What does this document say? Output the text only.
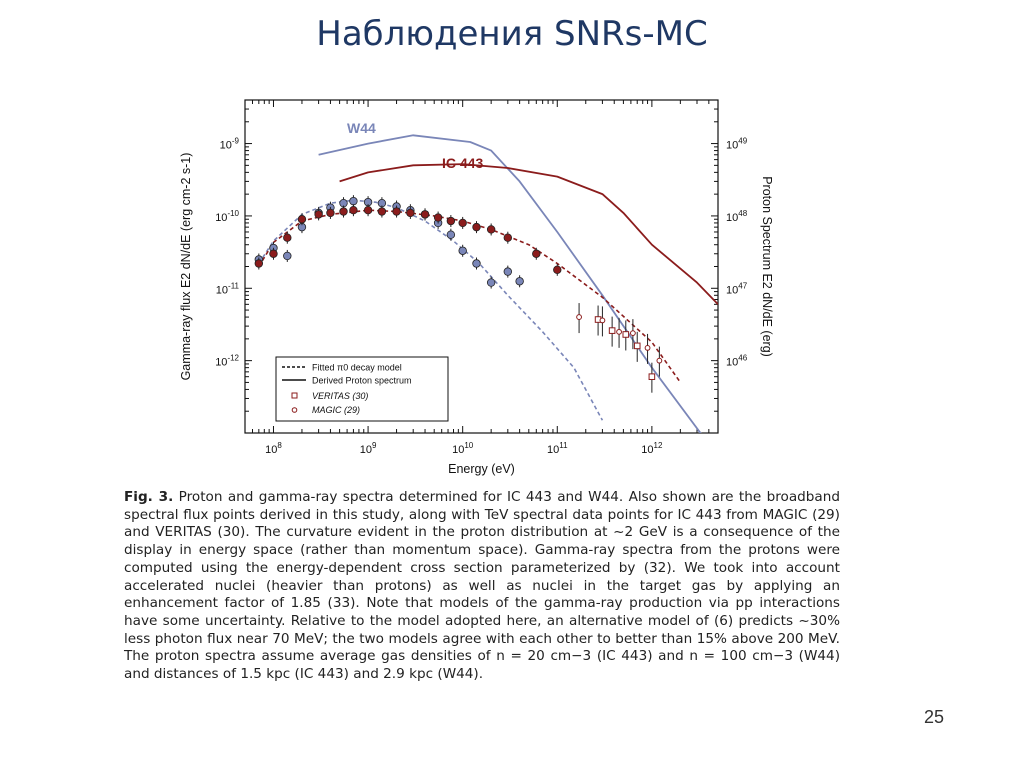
Наблюдения SNRs-MC
$10^8$	$10^9$	$10^{10}$	$10^{11}$	$10^{12}$
$10^{-12}$
$10^{-11}$
$10^{-10}$
$10^{-9}$
$10^{46}$
$10^{47}$
$10^{48}$
$10^{49}$
Energy (eV)
Gamma-ray flux E2 dN/dE (erg cm-2 s-1)	Proton Spectrum E2 dN/dE (erg)
W44
IC 443
Fitted π0 decay model
Derived Proton spectrum
VERITAS (30)
MAGIC (29)
Fig. 3. Proton and gamma-ray spectra determined for IC 443 and W44. Also shown are the broadband spectral flux points derived in this study, along with TeV spectral data points for IC 443 from MAGIC (29) and VERITAS (30). The curvature evident in the proton distribution at ~2 GeV is a consequence of the display in energy space (rather than momentum space). Gamma-ray spectra from the protons were computed using the energy-dependent cross section parameterized by (32). We took into account accelerated nuclei (heavier than protons) as well as nuclei in the target gas by applying an enhancement factor of 1.85 (33). Note that models of the gamma-ray production via pp interactions have some uncertainty. Relative to the model adopted here, an alternative model of (6) predicts ~30% less photon flux near 70 MeV; the two models agree with each other to better than 15% above 200 MeV. The proton spectra assume average gas densities of n = 20 cm−3 (IC 443) and n = 100 cm−3 (W44) and distances of 1.5 kpc (IC 443) and 2.9 kpc (W44).
25
